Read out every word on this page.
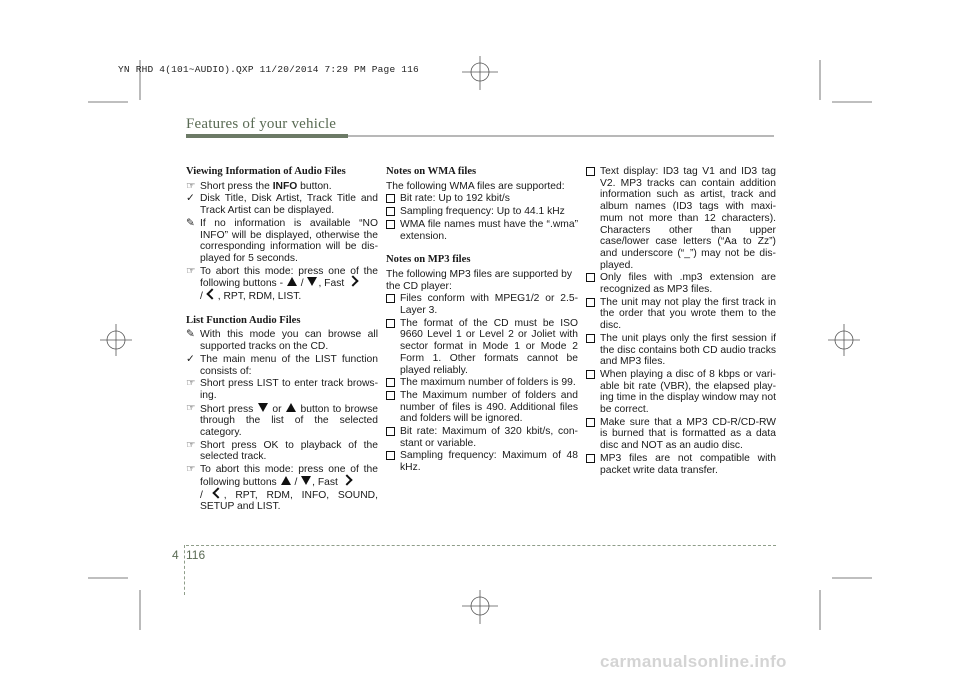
YN RHD 4(101~AUDIO).QXP 11/20/2014 7:29 PM Page 116
Features of your vehicle
Viewing Information of Audio Files
☞ Short press the INFO button.
✓ Disk Title, Disk Artist, Track Title and Track Artist can be displayed.
✎ If no information is available “NO INFO” will be displayed, otherwise the corresponding information will be dis-played for 5 seconds.
☞ To abort this mode: press one of the following buttons -  / , Fast
/ , RPT, RDM, LIST.
List Function Audio Files
✎ With this mode you can browse all supported tracks on the CD.
✓ The main menu of the LIST function consists of:
☞ Short press LIST to enter track brows-ing.
☞ Short press  or  button to browse through the list of the selected category.
☞ Short press OK to playback of the selected track.
☞ To abort this mode: press one of the following buttons  / , Fast
/ , RPT, RDM, INFO, SOUND, SETUP and LIST.
Notes on WMA files
The following WMA files are supported:
Bit rate: Up to 192 kbit/s
Sampling frequency: Up to 44.1 kHz
WMA file names must have the “.wma” extension.
Notes on MP3 files
The following MP3 files are supported by the CD player:
Files conform with MPEG1/2 or 2.5-Layer 3.
The format of the CD must be ISO 9660 Level 1 or Level 2 or Joliet with sector format in Mode 1 or Mode 2 Form 1. Other formats cannot be played reliably.
The maximum number of folders is 99.
The Maximum number of folders and number of files is 490. Additional files and folders will be ignored.
Bit rate: Maximum of 320 kbit/s, con-stant or variable.
Sampling frequency: Maximum of 48 kHz.
Text display: ID3 tag V1 and ID3 tag V2. MP3 tracks can contain addition information such as artist, track and album names (ID3 tags with maxi-mum not more than 12 characters). Characters other than upper case/lower case letters (“Aa to Zz”) and underscore (“_”) may not be dis-played.
Only files with .mp3 extension are recognized as MP3 files.
The unit may not play the first track in the order that you wrote them to the disc.
The unit plays only the first session if the disc contains both CD audio tracks and MP3 files.
When playing a disc of 8 kbps or vari-able bit rate (VBR), the elapsed play-ing time in the display window may not be correct.
Make sure that a MP3 CD-R/CD-RW is burned that is formatted as a data disc and NOT as an audio disc.
MP3 files are not compatible with packet write data transfer.
4 116
carmanualsonline.info
